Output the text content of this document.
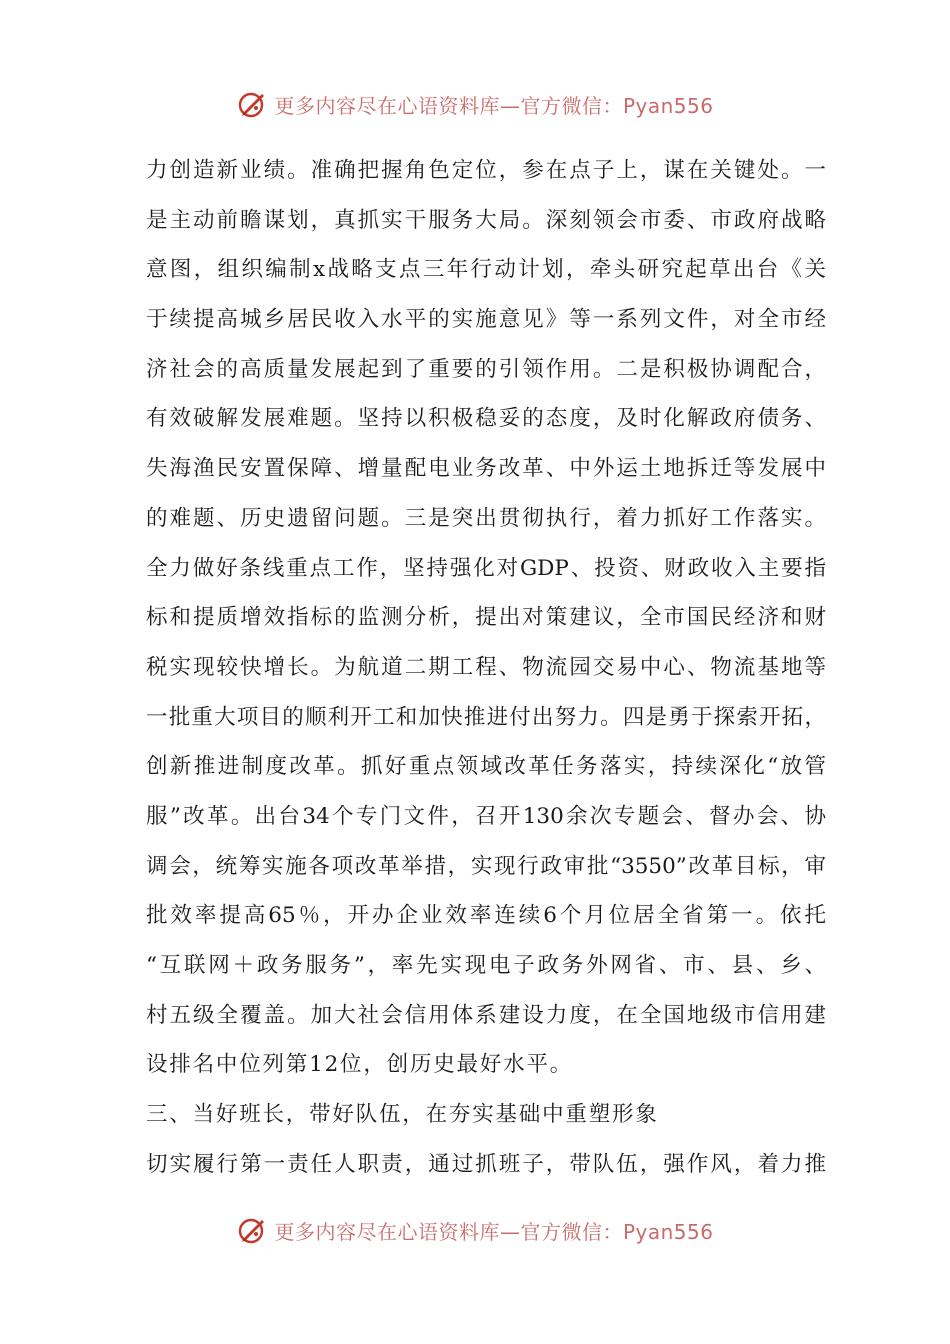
更多内容尽在心语资料库—官方微信：Pyan556
力创造新业绩。准确把握角色定位，参在点子上，谋在关键处。一
是主动前瞻谋划，真抓实干服务大局。深刻领会市委、市政府战略
意图，组织编制x战略支点三年行动计划，牵头研究起草出台《关
于续提高城乡居民收入水平的实施意见》等一系列文件，对全市经
济社会的高质量发展起到了重要的引领作用。二是积极协调配合，
有效破解发展难题。坚持以积极稳妥的态度，及时化解政府债务、
失海渔民安置保障、增量配电业务改革、中外运土地拆迁等发展中
的难题、历史遗留问题。三是突出贯彻执行，着力抓好工作落实。
全力做好条线重点工作，坚持强化对GDP、投资、财政收入主要指
标和提质增效指标的监测分析，提出对策建议，全市国民经济和财
税实现较快增长。为航道二期工程、物流园交易中心、物流基地等
一批重大项目的顺利开工和加快推进付出努力。四是勇于探索开拓，
创新推进制度改革。抓好重点领域改革任务落实，持续深化“放管
服”改革。出台34个专门文件，召开130余次专题会、督办会、协
调会，统筹实施各项改革举措，实现行政审批“3550”改革目标，审
批效率提高65％，开办企业效率连续6个月位居全省第一。依托
“互联网＋政务服务”，率先实现电子政务外网省、市、县、乡、
村五级全覆盖。加大社会信用体系建设力度，在全国地级市信用建
设排名中位列第12位，创历史最好水平。
三、当好班长，带好队伍，在夯实基础中重塑形象
切实履行第一责任人职责，通过抓班子，带队伍，强作风，着力推
更多内容尽在心语资料库—官方微信：Pyan556
